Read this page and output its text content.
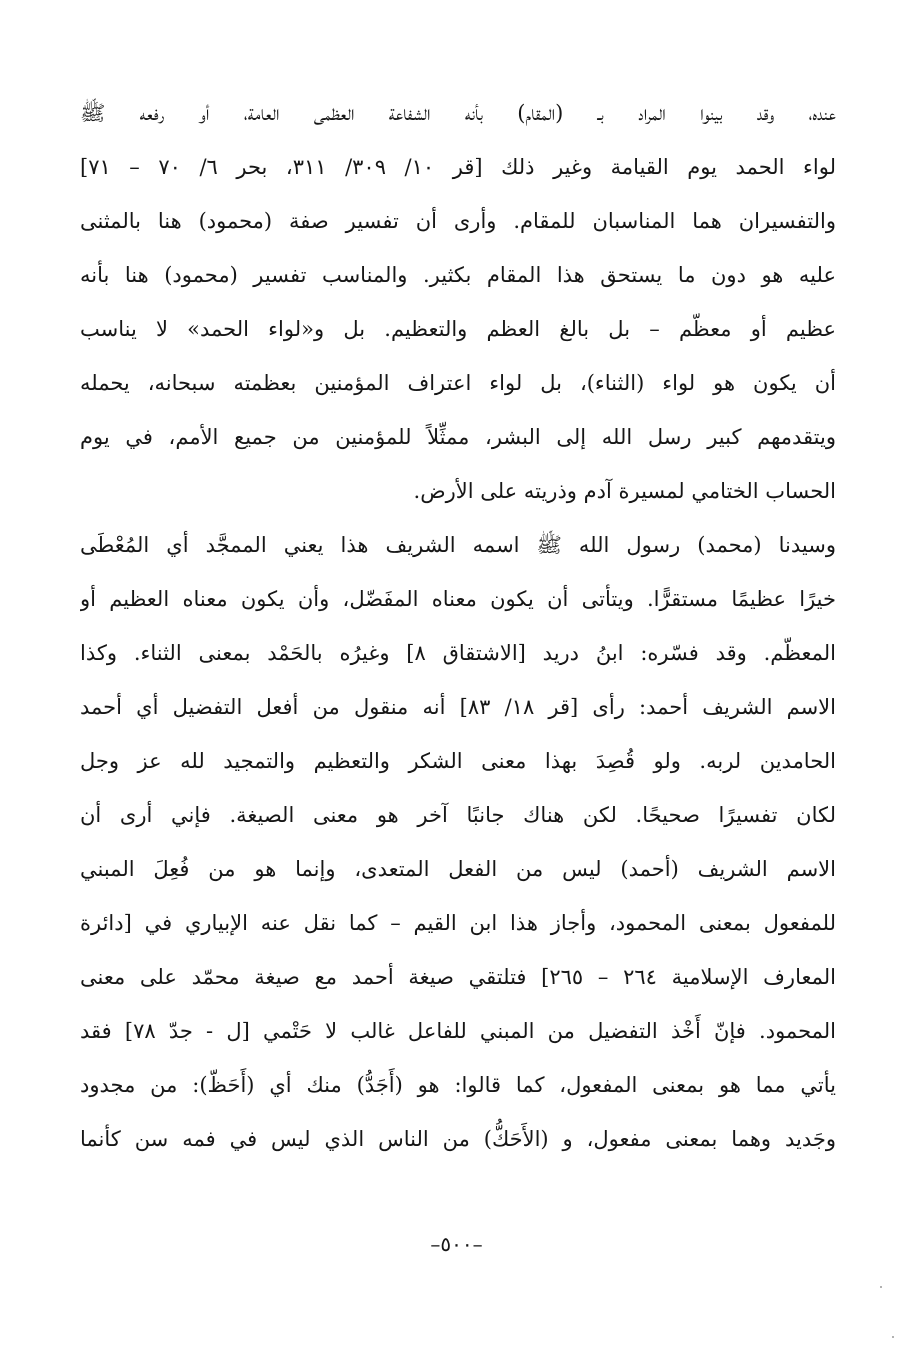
عنده، وقد بينوا المراد بـ (المقام) بأنه الشفاعة العظمى العامة، أو رفعه ﷺ
لواء الحمد يوم القيامة وغير ذلك [قر ١٠/ ٣٠٩/ ٣١١، بحر ٦/ ٧٠ – ٧١]
والتفسيران هما المناسبان للمقام. وأرى أن تفسير صفة (محمود) هنا بالمثنى
عليه هو دون ما يستحق هذا المقام بكثير. والمناسب تفسير (محمود) هنا بأنه
عظيم أو معظّم – بل بالغ العظم والتعظيم. بل و«لواء الحمد» لا يناسب
أن يكون هو لواء (الثناء)، بل لواء اعتراف المؤمنين بعظمته سبحانه، يحمله
ويتقدمهم كبير رسل الله إلى البشر، ممثِّلاً للمؤمنين من جميع الأمم، في يوم
الحساب الختامي لمسيرة آدم وذريته على الأرض.
وسيدنا (محمد) رسول الله ﷺ اسمه الشريف هذا يعني الممجَّد أي المُعْطَى
خيرًا عظيمًا مستقرًّا. ويتأتى أن يكون معناه المفَضّل، وأن يكون معناه العظيم أو
المعظّم. وقد فسّره: ابنُ دريد [الاشتقاق ٨] وغيرُه بالحَمْد بمعنى الثناء. وكذا
الاسم الشريف أحمد: رأى [قر ١٨/ ٨٣] أنه منقول من أفعل التفضيل أي أحمد
الحامدين لربه. ولو قُصِدَ بهذا معنى الشكر والتعظيم والتمجيد لله عز وجل
لكان تفسيرًا صحيحًا. لكن هناك جانبًا آخر هو معنى الصيغة. فإني أرى أن
الاسم الشريف (أحمد) ليس من الفعل المتعدى، وإنما هو من فُعِلَ المبني
للمفعول بمعنى المحمود، وأجاز هذا ابن القيم – كما نقل عنه الإبياري في [دائرة
المعارف الإسلامية ٢٦٤ – ٢٦٥] فتلتقي صيغة أحمد مع صيغة محمّد على معنى
المحمود. فإنّ أَخْذ التفضيل من المبني للفاعل غالب لا حَتْمي [ل - جدّ ٧٨] فقد
يأتي مما هو بمعنى المفعول، كما قالوا: هو (أَجَدُّ) منك أي (أَحَظّ): من مجدود
وجَديد وهما بمعنى مفعول، و (الأَحَكُّ) من الناس الذي ليس في فمه سن كأنما
–٥٠٠–
